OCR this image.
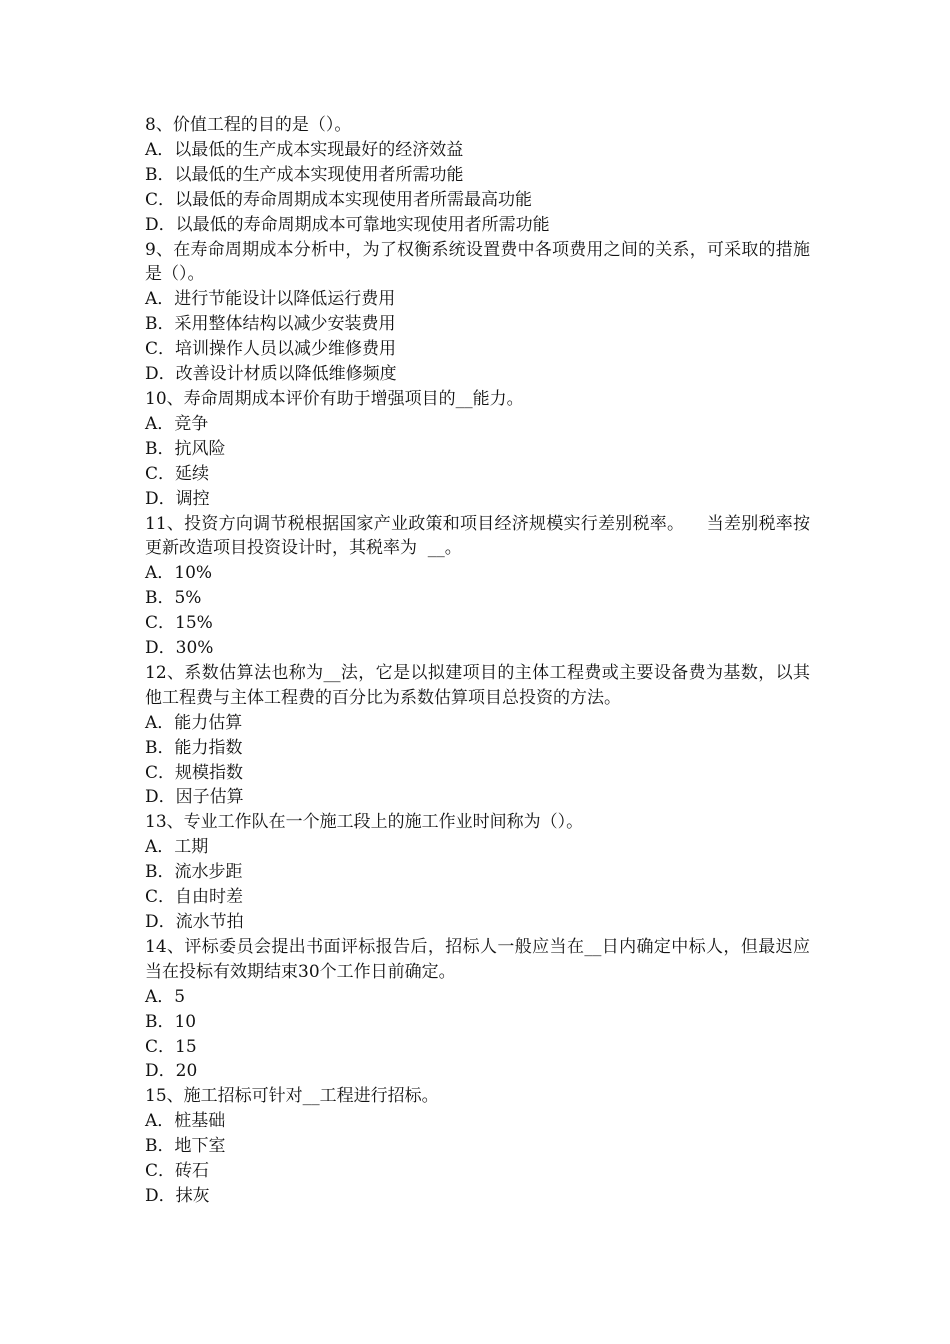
8、价值工程的目的是（）。

A．以最低的生产成本实现最好的经济效益

B．以最低的生产成本实现使用者所需功能

C．以最低的寿命周期成本实现使用者所需最高功能

D．以最低的寿命周期成本可靠地实现使用者所需功能

9、在寿命周期成本分析中，为了权衡系统设置费中各项费用之间的关系，可采取的措施是（）。

A．进行节能设计以降低运行费用

B．采用整体结构以减少安装费用

C．培训操作人员以减少维修费用

D．改善设计材质以降低维修频度

10、寿命周期成本评价有助于增强项目的__能力。

A．竞争

B．抗风险

C．延续

D．调控

11、投资方向调节税根据国家产业政策和项目经济规模实行差别税率。    当差别税率按更新改造项目投资设计时，其税率为  __。

A．10%

B．5%

C．15%

D．30%

12、系数估算法也称为__法，它是以拟建项目的主体工程费或主要设备费为基数，以其他工程费与主体工程费的百分比为系数估算项目总投资的方法。

A．能力估算

B．能力指数

C．规模指数

D．因子估算

13、专业工作队在一个施工段上的施工作业时间称为（）。

A．工期

B．流水步距

C．自由时差

D．流水节拍

14、评标委员会提出书面评标报告后，招标人一般应当在__日内确定中标人，但最迟应当在投标有效期结束30个工作日前确定。

A．5

B．10

C．15

D．20

15、施工招标可针对__工程进行招标。

A．桩基础

B．地下室

C．砖石

D．抹灰
